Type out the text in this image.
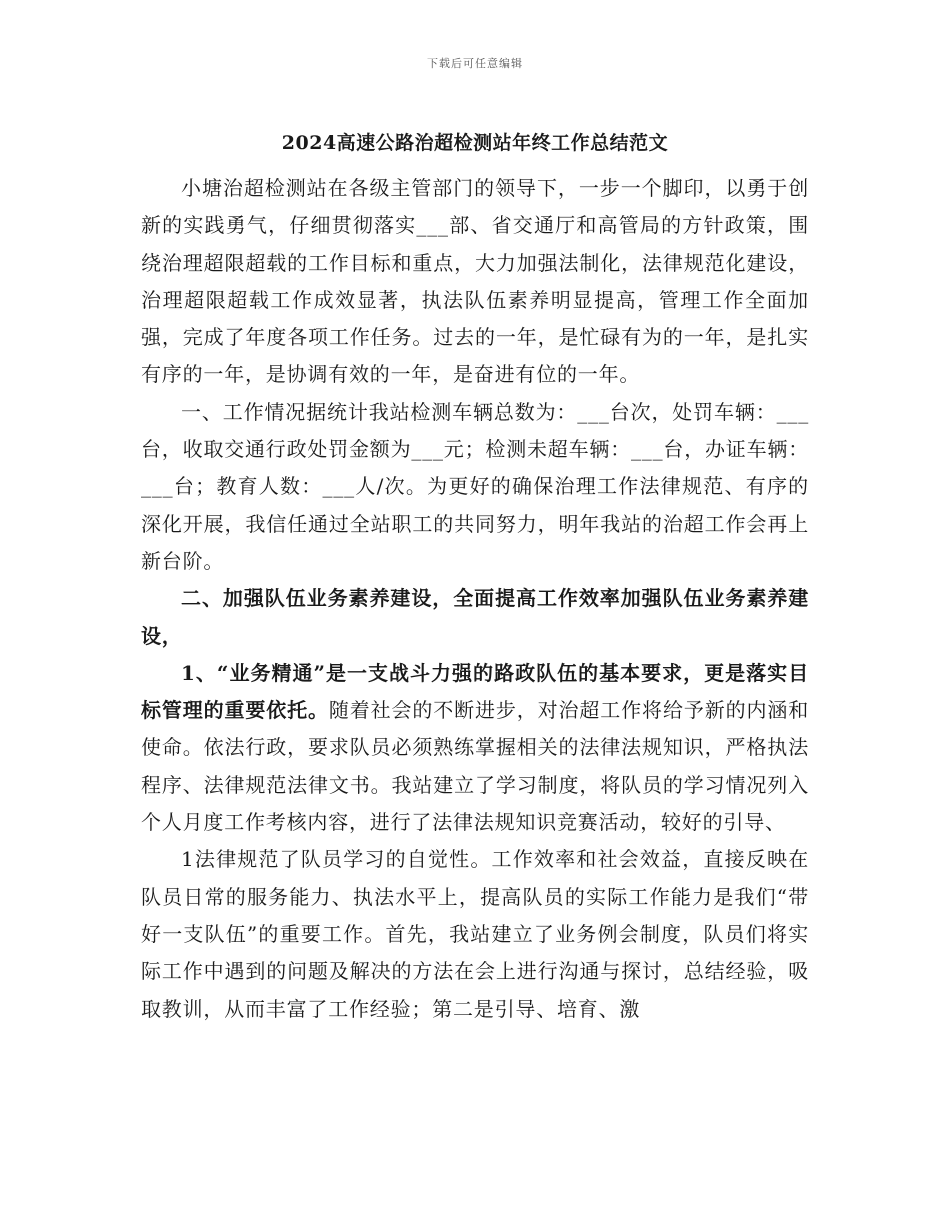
下载后可任意编辑
2024高速公路治超检测站年终工作总结范文

小塘治超检测站在各级主管部门的领导下，一步一个脚印，以勇于创新的实践勇气，仔细贯彻落实___部、省交通厅和高管局的方针政策，围绕治理超限超载的工作目标和重点，大力加强法制化，法律规范化建设，治理超限超载工作成效显著，执法队伍素养明显提高，管理工作全面加强，完成了年度各项工作任务。过去的一年，是忙碌有为的一年，是扎实有序的一年，是协调有效的一年，是奋进有位的一年。

一、工作情况据统计我站检测车辆总数为：___台次，处罚车辆：___台，收取交通行政处罚金额为___元；检测未超车辆：___台，办证车辆：___台；教育人数：___人/次。为更好的确保治理工作法律规范、有序的深化开展，我信任通过全站职工的共同努力，明年我站的治超工作会再上新台阶。

二、加强队伍业务素养建设，全面提高工作效率加强队伍业务素养建设，

1、“业务精通”是一支战斗力强的路政队伍的基本要求，更是落实目标管理的重要依托。随着社会的不断进步，对治超工作将给予新的内涵和使命。依法行政，要求队员必须熟练掌握相关的法律法规知识，严格执法程序、法律规范法律文书。我站建立了学习制度，将队员的学习情况列入个人月度工作考核内容，进行了法律法规知识竞赛活动，较好的引导、

1法律规范了队员学习的自觉性。工作效率和社会效益，直接反映在队员日常的服务能力、执法水平上，提高队员的实际工作能力是我们“带好一支队伍”的重要工作。首先，我站建立了业务例会制度，队员们将实际工作中遇到的问题及解决的方法在会上进行沟通与探讨，总结经验，吸取教训，从而丰富了工作经验；第二是引导、培育、激
